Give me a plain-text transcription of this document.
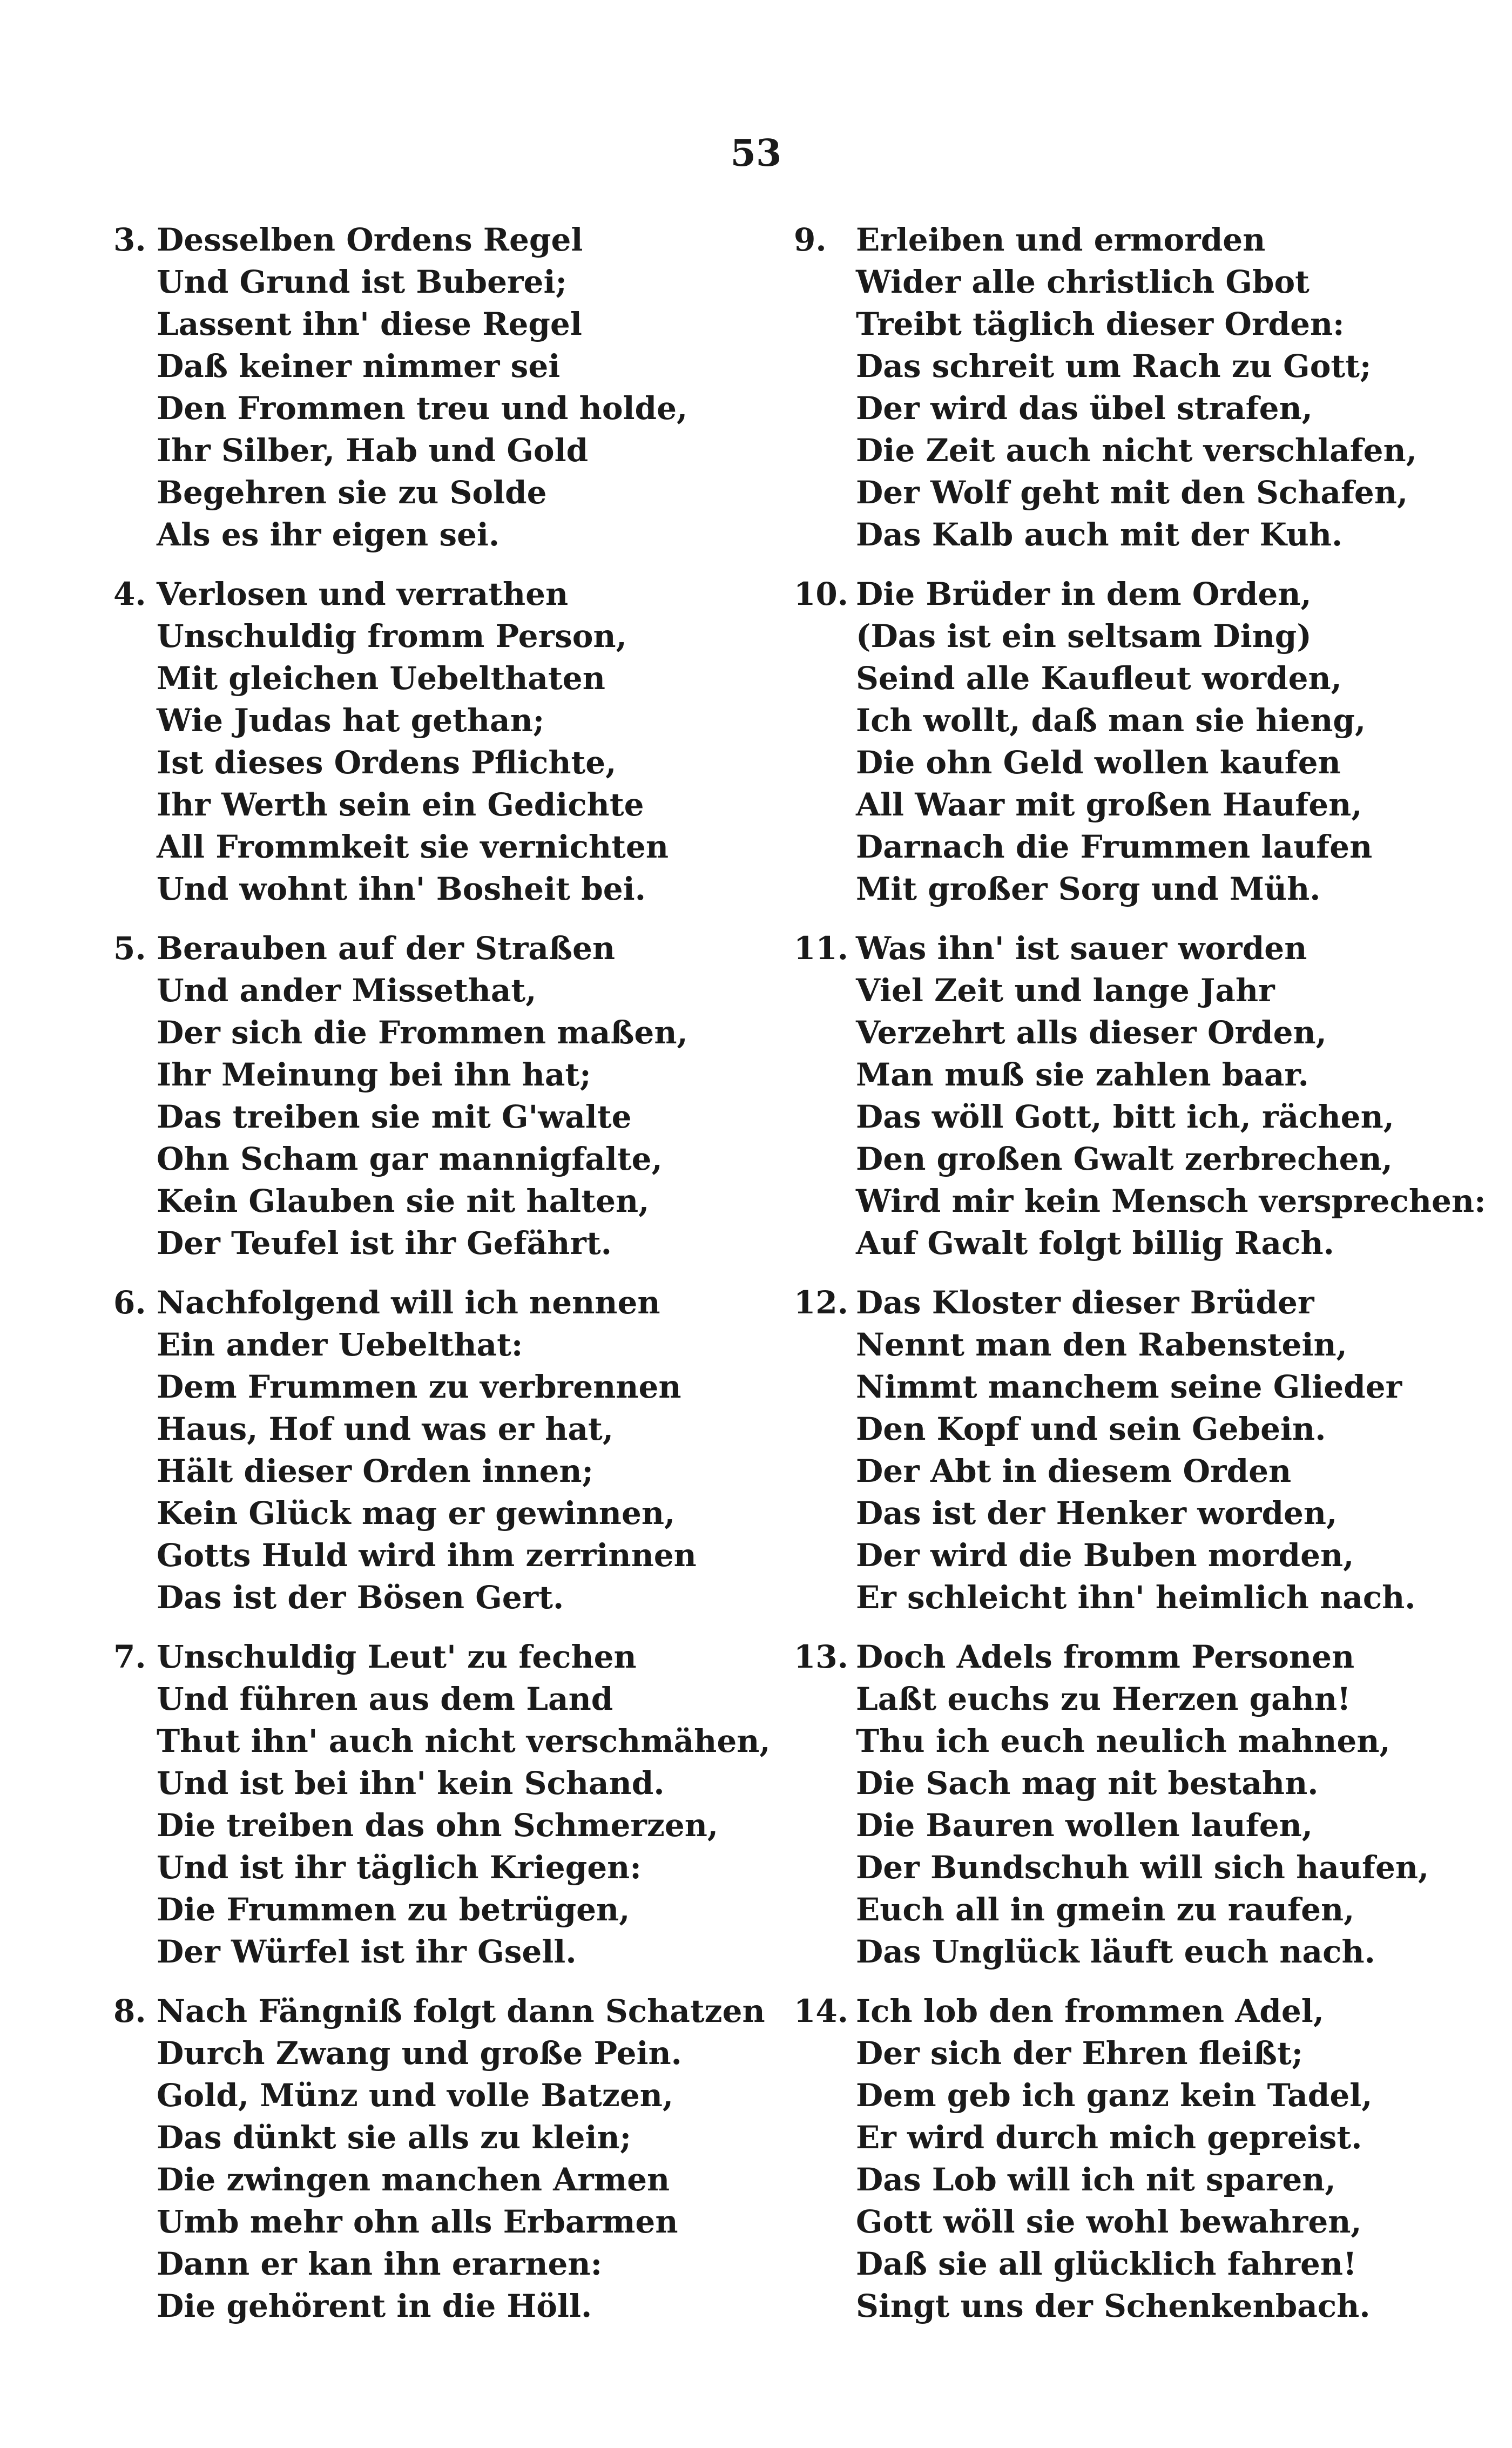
53
3. Desselben Ordens Regel
Und Grund ist Buberei;
Lassent ihn' diese Regel
Daß keiner nimmer sei
Den Frommen treu und holde,
Ihr Silber, Hab und Gold
Begehren sie zu Solde
Als es ihr eigen sei.
4. Verlosen und verrathen
Unschuldig fromm Person,
Mit gleichen Uebelthaten
Wie Judas hat gethan;
Ist dieses Ordens Pflichte,
Ihr Werth sein ein Gedichte
All Frommkeit sie vernichten
Und wohnt ihn' Bosheit bei.
5. Berauben auf der Straßen
Und ander Missethat,
Der sich die Frommen maßen,
Ihr Meinung bei ihn hat;
Das treiben sie mit G'walte
Ohn Scham gar mannigfalte,
Kein Glauben sie nit halten,
Der Teufel ist ihr Gefährt.
6. Nachfolgend will ich nennen
Ein ander Uebelthat:
Dem Frummen zu verbrennen
Haus, Hof und was er hat,
Hält dieser Orden innen;
Kein Glück mag er gewinnen,
Gotts Huld wird ihm zerrinnen
Das ist der Bösen Gert.
7. Unschuldig Leut' zu fechen
Und führen aus dem Land
Thut ihn' auch nicht verschmähen,
Und ist bei ihn' kein Schand.
Die treiben das ohn Schmerzen,
Und ist ihr täglich Kriegen:
Die Frummen zu betrügen,
Der Würfel ist ihr Gsell.
8. Nach Fängniß folgt dann Schatzen
Durch Zwang und große Pein.
Gold, Münz und volle Batzen,
Das dünkt sie alls zu klein;
Die zwingen manchen Armen
Umb mehr ohn alls Erbarmen
Dann er kan ihn erarnen:
Die gehörent in die Höll.
9. Erleiben und ermorden
Wider alle christlich Gbot
Treibt täglich dieser Orden:
Das schreit um Rach zu Gott;
Der wird das übel strafen,
Die Zeit auch nicht verschlafen,
Der Wolf geht mit den Schafen,
Das Kalb auch mit der Kuh.
10. Die Brüder in dem Orden,
(Das ist ein seltsam Ding)
Seind alle Kaufleut worden,
Ich wollt, daß man sie hieng,
Die ohn Geld wollen kaufen
All Waar mit großen Haufen,
Darnach die Frummen laufen
Mit großer Sorg und Müh.
11. Was ihn' ist sauer worden
Viel Zeit und lange Jahr
Verzehrt alls dieser Orden,
Man muß sie zahlen baar.
Das wöll Gott, bitt ich, rächen,
Den großen Gwalt zerbrechen,
Wird mir kein Mensch versprechen:
Auf Gwalt folgt billig Rach.
12. Das Kloster dieser Brüder
Nennt man den Rabenstein,
Nimmt manchem seine Glieder
Den Kopf und sein Gebein.
Der Abt in diesem Orden
Das ist der Henker worden,
Der wird die Buben morden,
Er schleicht ihn' heimlich nach.
13. Doch Adels fromm Personen
Laßt euchs zu Herzen gahn!
Thu ich euch neulich mahnen,
Die Sach mag nit bestahn.
Die Bauren wollen laufen,
Der Bundschuh will sich haufen,
Euch all in gmein zu raufen,
Das Unglück läuft euch nach.
14. Ich lob den frommen Adel,
Der sich der Ehren fleißt;
Dem geb ich ganz kein Tadel,
Er wird durch mich gepreist.
Das Lob will ich nit sparen,
Gott wöll sie wohl bewahren,
Daß sie all glücklich fahren!
Singt uns der Schenkenbach.
